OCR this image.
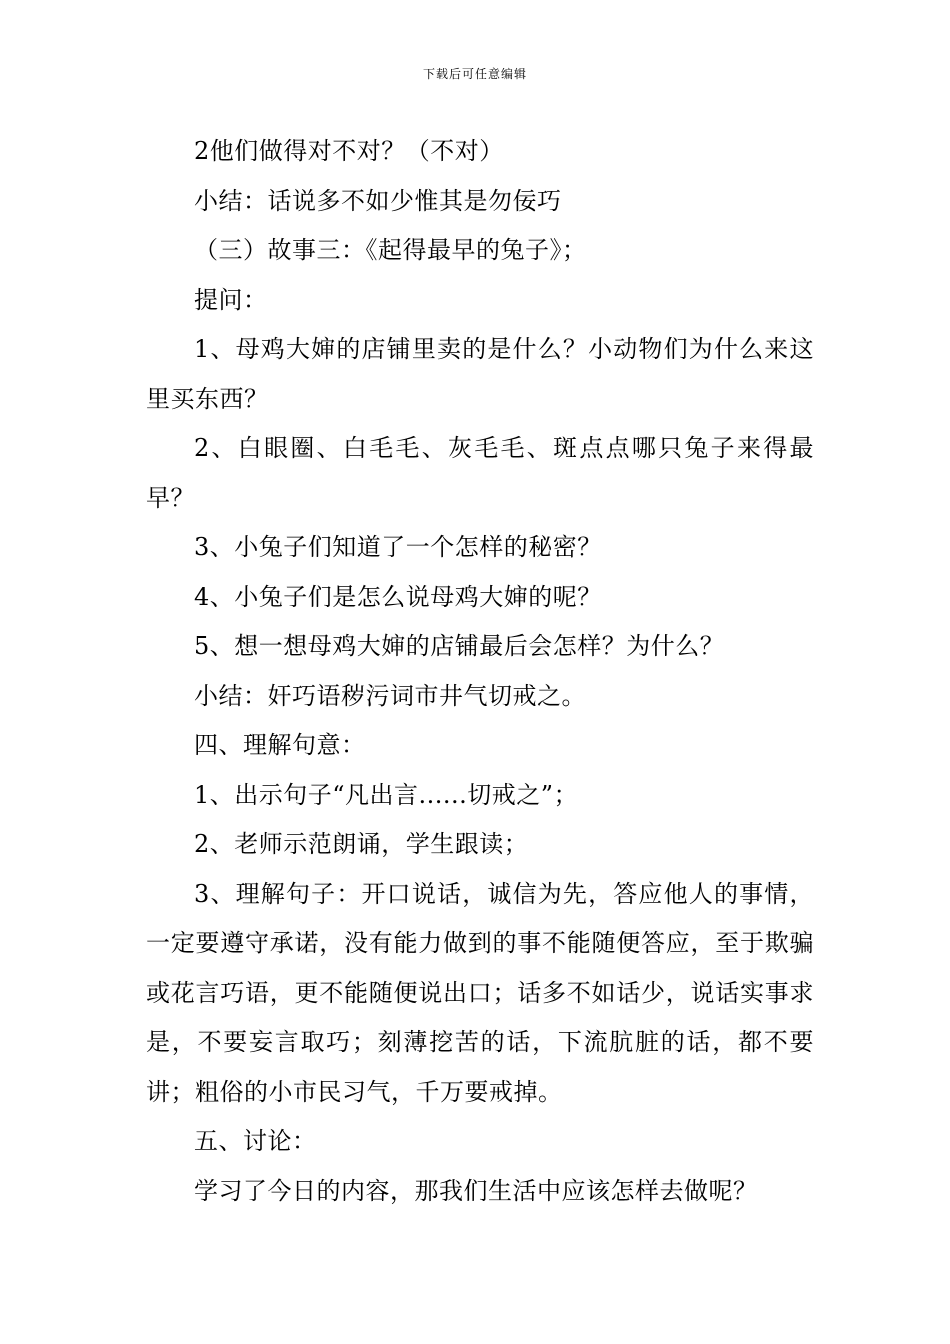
下载后可任意编辑

2他们做得对不对？（不对）

小结：话说多不如少惟其是勿佞巧

（三）故事三：《起得最早的兔子》；

提问：

1、母鸡大婶的店铺里卖的是什么？小动物们为什么来这里买东西？

2、白眼圈、白毛毛、灰毛毛、斑点点哪只兔子来得最早？

3、小兔子们知道了一个怎样的秘密？

4、小兔子们是怎么说母鸡大婶的呢？

5、想一想母鸡大婶的店铺最后会怎样？为什么？

小结：奸巧语秽污词市井气切戒之。

四、理解句意：

1、出示句子“凡出言......切戒之”；

2、老师示范朗诵，学生跟读；

3、理解句子：开口说话，诚信为先，答应他人的事情，一定要遵守承诺，没有能力做到的事不能随便答应，至于欺骗或花言巧语，更不能随便说出口；话多不如话少，说话实事求是，不要妄言取巧；刻薄挖苦的话，下流肮脏的话，都不要讲；粗俗的小市民习气，千万要戒掉。

五、讨论：

学习了今日的内容，那我们生活中应该怎样去做呢？
